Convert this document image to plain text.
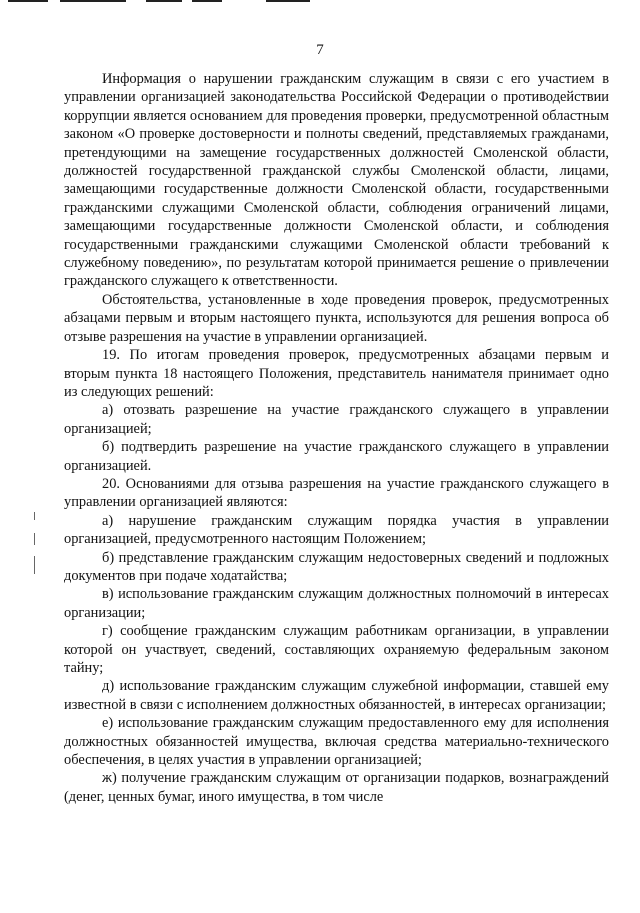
7

Информация о нарушении гражданским служащим в связи с его участием в управлении организацией законодательства Российской Федерации о противодействии коррупции является основанием для проведения проверки, предусмотренной областным законом «О проверке достоверности и полноты сведений, представляемых гражданами, претендующими на замещение государственных должностей Смоленской области, должностей государственной гражданской службы Смоленской области, лицами, замещающими государственные должности Смоленской области, государственными гражданскими служащими Смоленской области, соблюдения ограничений лицами, замещающими государственные должности Смоленской области, и соблюдения государственными гражданскими служащими Смоленской области требований к служебному поведению», по результатам которой принимается решение о привлечении гражданского служащего к ответственности.

Обстоятельства, установленные в ходе проведения проверок, предусмотренных абзацами первым и вторым настоящего пункта, используются для решения вопроса об отзыве разрешения на участие в управлении организацией.

19. По итогам проведения проверок, предусмотренных абзацами первым и вторым пункта 18 настоящего Положения, представитель нанимателя принимает одно из следующих решений:

а) отозвать разрешение на участие гражданского служащего в управлении организацией;

б) подтвердить разрешение на участие гражданского служащего в управлении организацией.

20. Основаниями для отзыва разрешения на участие гражданского служащего в управлении организацией являются:

а) нарушение гражданским служащим порядка участия в управлении организацией, предусмотренного настоящим Положением;

б) представление гражданским служащим недостоверных сведений и подложных документов при подаче ходатайства;

в) использование гражданским служащим должностных полномочий в интересах организации;

г) сообщение гражданским служащим работникам организации, в управлении которой он участвует, сведений, составляющих охраняемую федеральным законом тайну;

д) использование гражданским служащим служебной информации, ставшей ему известной в связи с исполнением должностных обязанностей, в интересах организации;

е) использование гражданским служащим предоставленного ему для исполнения должностных обязанностей имущества, включая средства материально-технического обеспечения, в целях участия в управлении организацией;

ж) получение гражданским служащим от организации подарков, вознаграждений (денег, ценных бумаг, иного имущества, в том числе
